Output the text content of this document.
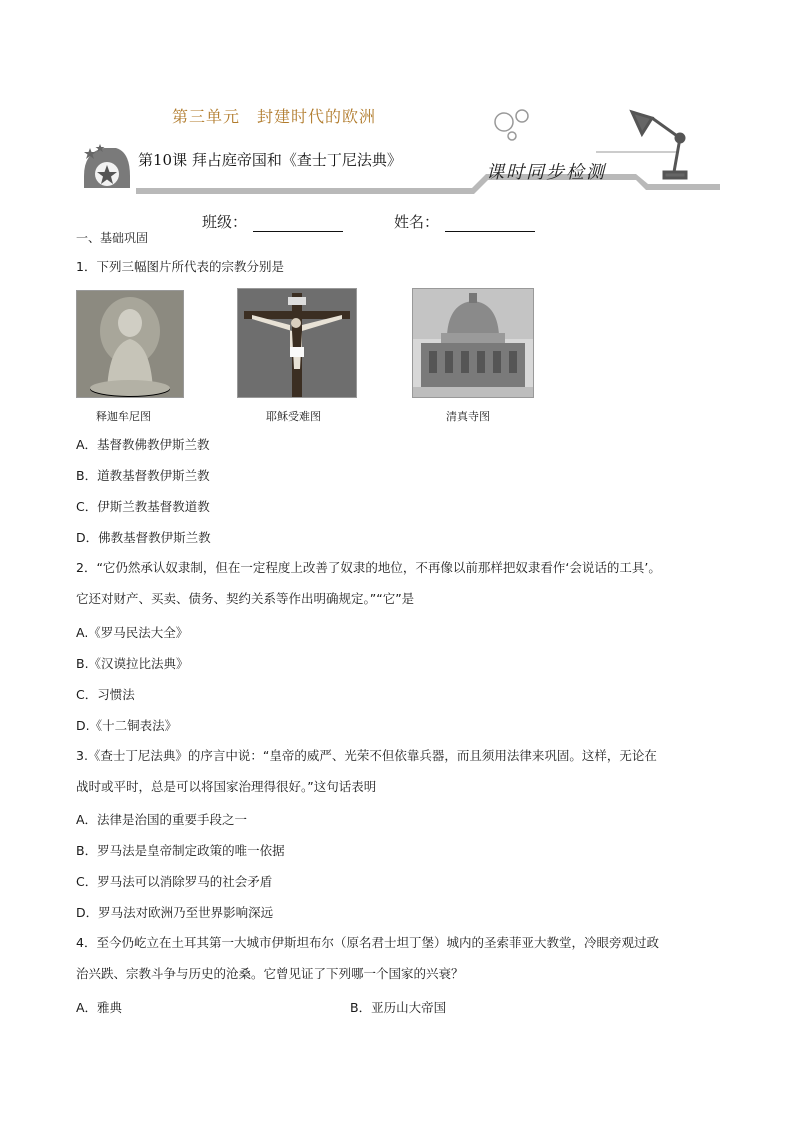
第三单元　封建时代的欧洲
第10课 拜占庭帝国和《查士丁尼法典》
课时同步检测
班级：	姓名：
一、基础巩固
1．下列三幅图片所代表的宗教分别是
释迦牟尼图	耶稣受难图	清真寺图
A．基督教佛教伊斯兰教
B．道教基督教伊斯兰教
C．伊斯兰教基督教道教
D．佛教基督教伊斯兰教
2．“它仍然承认奴隶制，但在一定程度上改善了奴隶的地位，不再像以前那样把奴隶看作‘会说话的工具’。
它还对财产、买卖、债务、契约关系等作出明确规定。”“它”是
A.《罗马民法大全》
B.《汉谟拉比法典》
C．习惯法
D.《十二铜表法》
3.《查士丁尼法典》的序言中说：“皇帝的威严、光荣不但依靠兵器，而且须用法律来巩固。这样，无论在
战时或平时，总是可以将国家治理得很好。”这句话表明
A．法律是治国的重要手段之一
B．罗马法是皇帝制定政策的唯一依据
C．罗马法可以消除罗马的社会矛盾
D．罗马法对欧洲乃至世界影响深远
4．至今仍屹立在土耳其第一大城市伊斯坦布尔（原名君士坦丁堡）城内的圣索菲亚大教堂，冷眼旁观过政
治兴跌、宗教斗争与历史的沧桑。它曾见证了下列哪一个国家的兴衰？
A．雅典	B．亚历山大帝国
